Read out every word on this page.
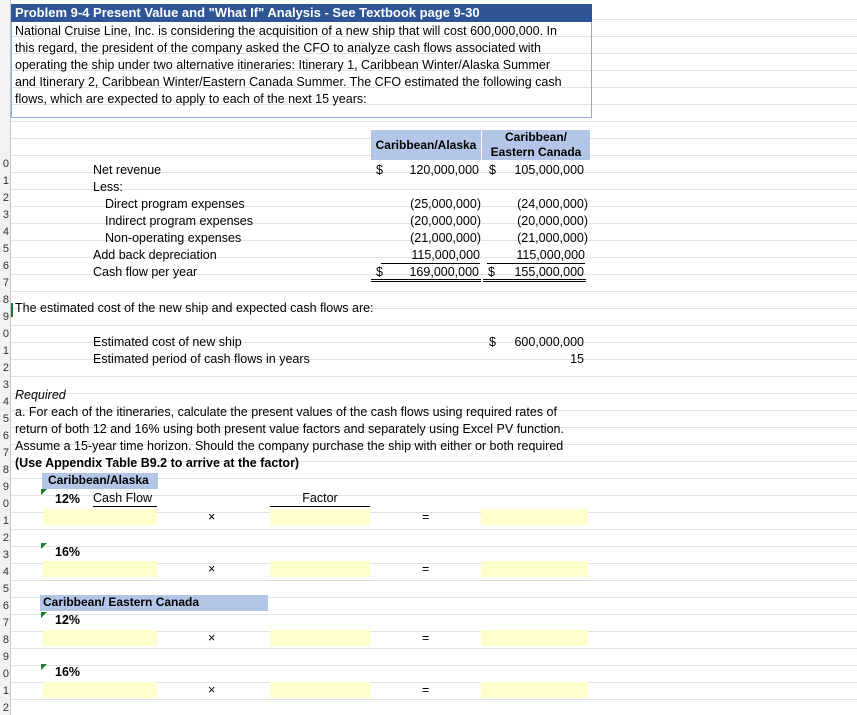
0
1
2
3
4
5
6
7
8
9
0
1
2
3
4
5
6
7
8
9
0
1
2
3
4
5
6
7
8
9
0
1
2
Problem 9-4 Present Value and "What If" Analysis - See Textbook page 9-30
National Cruise Line, Inc. is considering the acquisition of a new ship that will cost 600,000,000. In
this regard, the president of the company asked the CFO to analyze cash flows associated with
operating the ship under two alternative itineraries: Itinerary 1, Caribbean Winter/Alaska Summer
and Itinerary 2, Caribbean Winter/Eastern Canada Summer. The CFO estimated the following cash
flows, which are expected to apply to each of the next 15 years:
Caribbean/Alaska
Caribbean/
Eastern Canada
Net revenue	$	120,000,000 $	105,000,000
Less:
Direct program expenses	(25,000,000)	(24,000,000)
Indirect program expenses	(20,000,000)	(20,000,000)
Non-operating expenses	(21,000,000)	(21,000,000)
Add back depreciation	115,000,000	115,000,000
Cash flow per year	$ 169,000,000 $ 155,000,000
The estimated cost of the new ship and expected cash flows are:
Estimated cost of new ship	$	600,000,000
Estimated period of cash flows in years	15
Required
a. For each of the itineraries, calculate the present values of the cash flows using required rates of
return of both 12 and 16% using both present value factors and separately using Excel PV function.
Assume a 15-year time horizon. Should the company purchase the ship with either or both required
(Use Appendix Table B9.2 to arrive at the factor)
Caribbean/Alaska
12% Cash Flow	Factor
×	=
16%
×	=
Caribbean/ Eastern Canada
12%
×	=
16%
×	=
